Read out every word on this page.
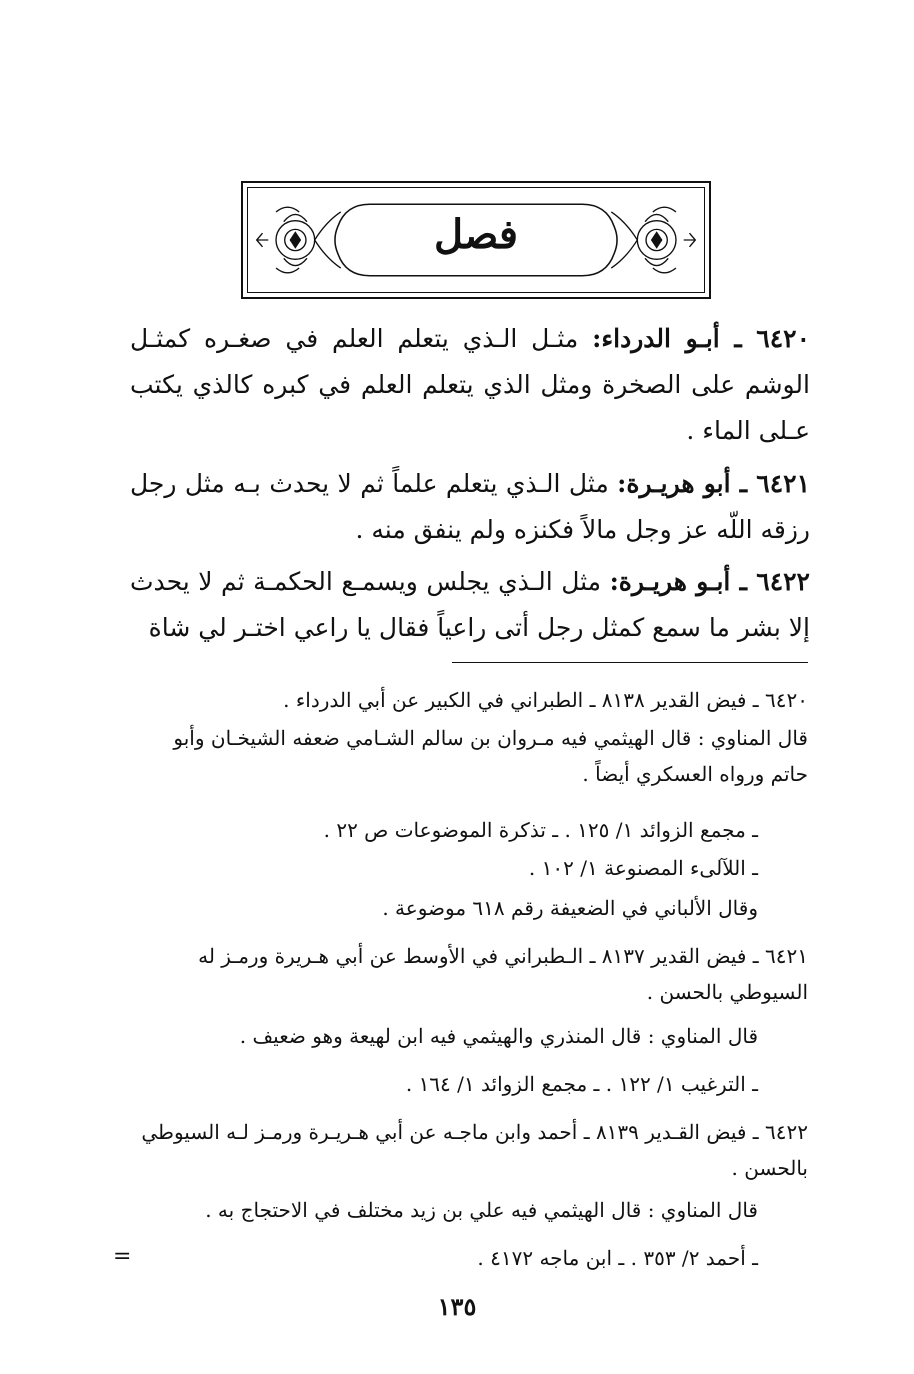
فصل

٦٤٢٠ ـ أبـو الدرداء: مثـل الـذي يتعلم العلم في صغـره كمثـل الوشم على الصخرة ومثل الذي يتعلم العلم في كبره كالذي يكتب عـلى الماء .

٦٤٢١ ـ أبو هريـرة: مثل الـذي يتعلم علماً ثم لا يحدث بـه مثل رجل رزقه اللّه عز وجل مالاً فكنزه ولم ينفق منه .

٦٤٢٢ ـ أبـو هريـرة: مثل الـذي يجلس ويسمـع الحكمـة ثم لا يحدث إلا بشر ما سمع كمثل رجل أتى راعياً فقال يا راعي اختـر لي شاة

٦٤٢٠ ـ فيض القدير ٨١٣٨ ـ الطبراني في الكبير عن أبي الدرداء .
قال المناوي : قال الهيثمي فيه مـروان بن سالم الشـامي ضعفه الشيخـان وأبو حاتم ورواه العسكري أيضاً .
ـ مجمع الزوائد ١/ ١٢٥ . ـ تذكرة الموضوعات ص ٢٢ .
ـ اللآلىء المصنوعة ١/ ١٠٢ .
وقال الألباني في الضعيفة رقم ٦١٨ موضوعة .
٦٤٢١ ـ فيض القدير ٨١٣٧ ـ الـطبراني في الأوسط عن أبي هـريرة ورمـز له السيوطي بالحسن .
قال المناوي : قال المنذري والهيثمي فيه ابن لهيعة وهو ضعيف .
ـ الترغيب ١/ ١٢٢ . ـ مجمع الزوائد ١/ ١٦٤ .
٦٤٢٢ ـ فيض القـدير ٨١٣٩ ـ أحمد وابن ماجـه عن أبي هـريـرة ورمـز لـه السيوطي بالحسن .
قال المناوي : قال الهيثمي فيه علي بن زيد مختلف في الاحتجاج به .
ـ أحمد ٢/ ٣٥٣ . ـ ابن ماجه ٤١٧٢ .
=
١٣٥
